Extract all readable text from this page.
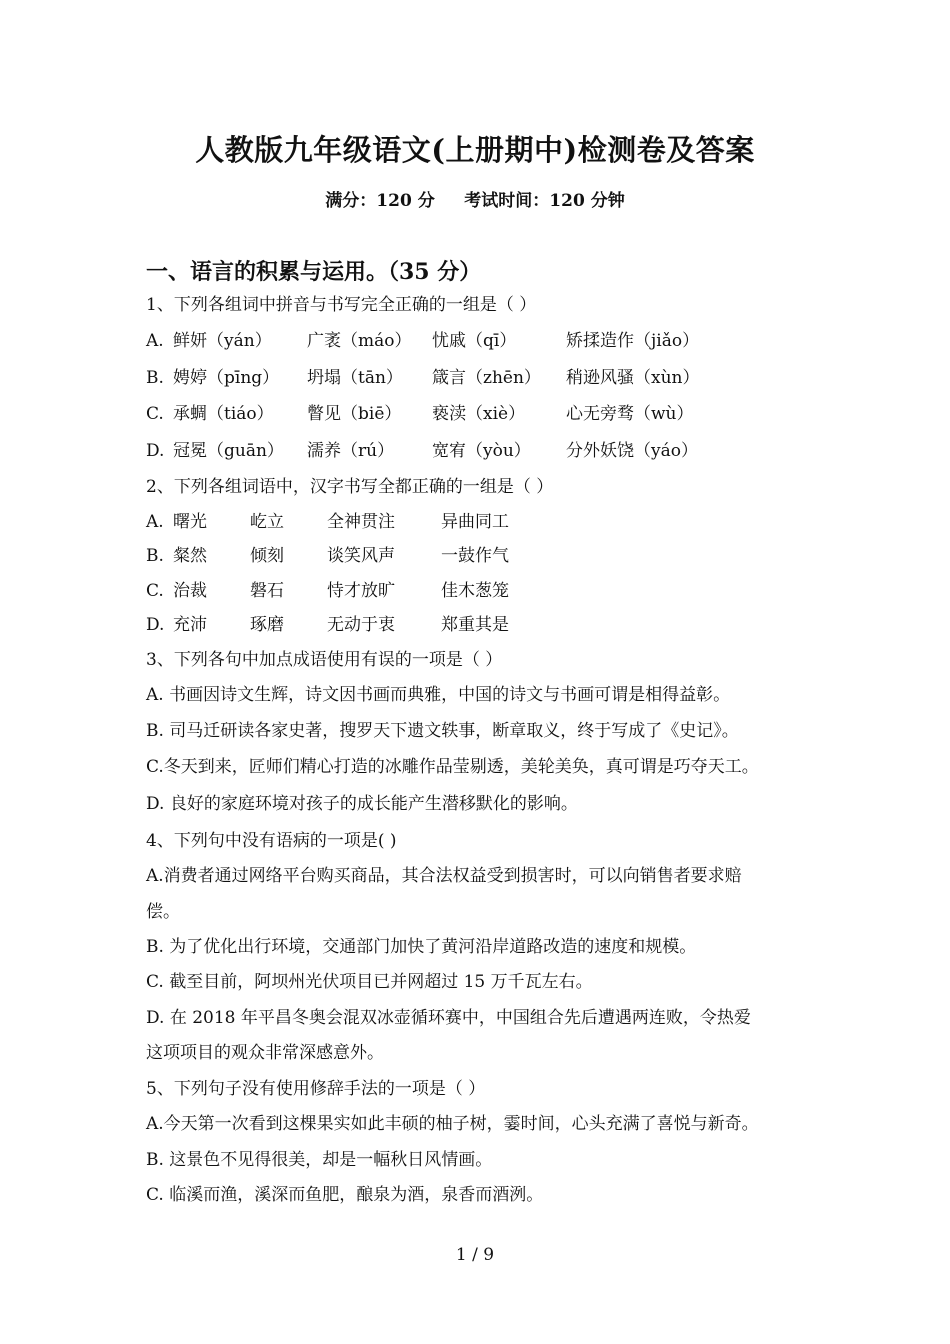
人教版九年级语文(上册期中)检测卷及答案
满分：120 分     考试时间：120 分钟
一、语言的积累与运用。（35 分）
1、下列各组词中拼音与书写完全正确的一组是（ ）
A. 鲜妍（yán） 广袤（máo） 忧戚（qī）	矫揉造作（jiǎo）
B. 娉婷（pīng） 坍塌（tān） 箴言（zhēn） 稍逊风骚（xùn）
C. 承蜩（tiáo） 瞥见（biē） 亵渎（xiè） 心无旁骛（wù）
D. 冠冕（guān） 濡养（rú） 宽宥（yòu） 分外妖饶（yáo）
2、下列各组词语中，汉字书写全都正确的一组是（ ）
A. 曙光	屹立	全神贯注	异曲同工
B. 粲然	倾刻	谈笑风声	一鼓作气
C. 治裁	磐石	恃才放旷	佳木葱笼
D. 充沛	琢磨	无动于衷	郑重其是
3、下列各句中加点成语使用有误的一项是（ ）
A. 书画因诗文生辉，诗文因书画而典雅，中国的诗文与书画可谓是相得益彰。
B. 司马迁研读各家史著，搜罗天下遗文轶事，断章取义，终于写成了《史记》。
C.冬天到来，匠师们精心打造的冰雕作品莹剔透，美轮美奂，真可谓是巧夺天工。
D. 良好的家庭环境对孩子的成长能产生潜移默化的影响。
4、下列句中没有语病的一项是( )
A.消费者通过网络平台购买商品，其合法权益受到损害时，可以向销售者要求赔
偿。
B. 为了优化出行环境，交通部门加快了黄河沿岸道路改造的速度和规模。
C. 截至目前，阿坝州光伏项目已并网超过 15 万千瓦左右。
D. 在 2018 年平昌冬奥会混双冰壶循环赛中，中国组合先后遭遇两连败，令热爱
这项项目的观众非常深感意外。
5、下列句子没有使用修辞手法的一项是（ ）
A.今天第一次看到这棵果实如此丰硕的柚子树，霎时间，心头充满了喜悦与新奇。
B. 这景色不见得很美，却是一幅秋日风情画。
C. 临溪而渔，溪深而鱼肥，酿泉为酒，泉香而酒洌。
1 / 9
